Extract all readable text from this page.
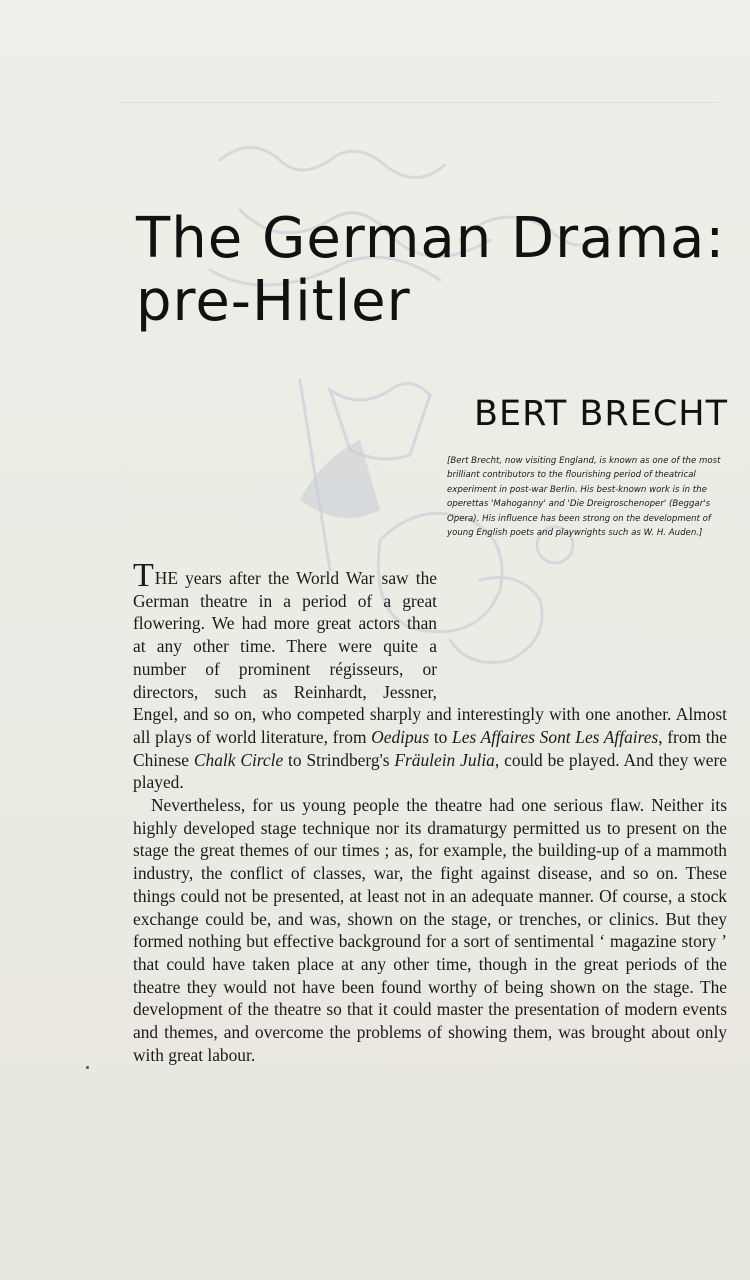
The German Drama:
pre-Hitler
BERT BRECHT

[Bert Brecht, now visiting England, is known as one of the most brilliant contributors to the flourishing period of theatrical experiment in post-war Berlin. His best-known work is in the operettas 'Mahoganny' and 'Die Dreigroschenoper' (Beggar's Opera). His influence has been strong on the development of young English poets and playwrights such as W. H. Auden.]

THE years after the World War saw the German theatre in a period of a great flowering. We had more great actors than at any other time. There were quite a number of prominent régisseurs, or directors, such as Reinhardt, Jessner, Engel, and so on, who competed sharply and interestingly with one another. Almost all plays of world literature, from Oedipus to Les Affaires Sont Les Affaires, from the Chinese Chalk Circle to Strindberg's Fräulein Julia, could be played. And they were played.

Nevertheless, for us young people the theatre had one serious flaw. Neither its highly developed stage technique nor its dramaturgy permitted us to present on the stage the great themes of our times ; as, for example, the building-up of a mammoth industry, the conflict of classes, war, the fight against disease, and so on. These things could not be presented, at least not in an adequate manner. Of course, a stock exchange could be, and was, shown on the stage, or trenches, or clinics. But they formed nothing but effective background for a sort of sentimental ‘ magazine story ’ that could have taken place at any other time, though in the great periods of the theatre they would not have been found worthy of being shown on the stage. The development of the theatre so that it could master the presentation of modern events and themes, and overcome the problems of showing them, was brought about only with great labour.
